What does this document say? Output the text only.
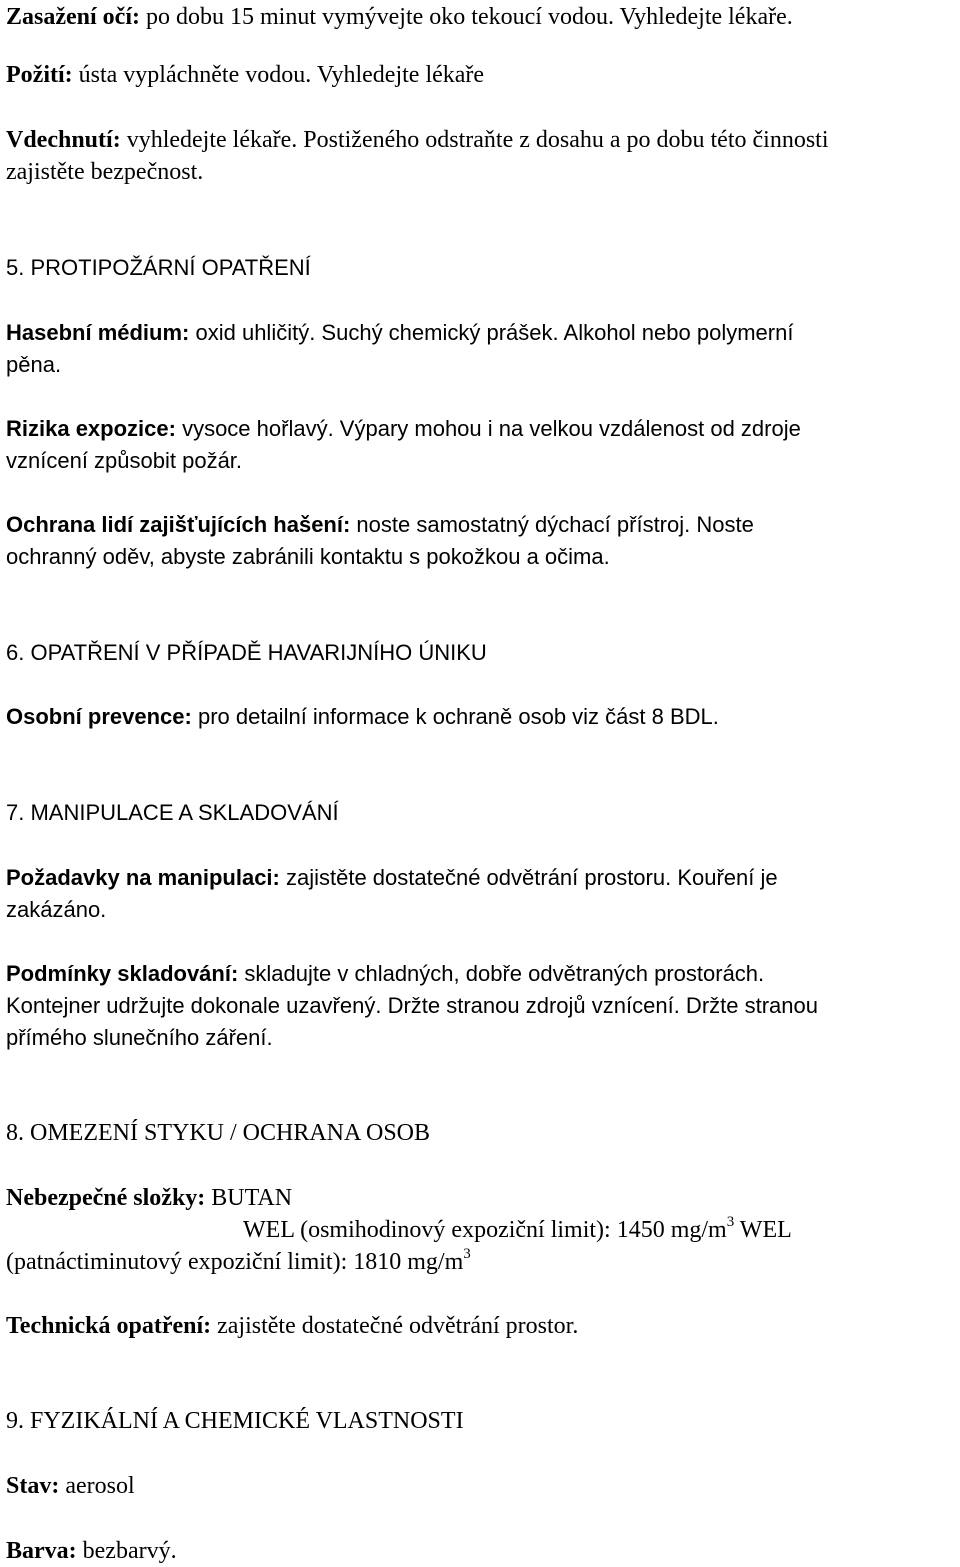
Zasažení očí: po dobu 15 minut vymývejte oko tekoucí vodou. Vyhledejte lékaře.
Požití: ústa vypláchněte vodou. Vyhledejte lékaře
Vdechnutí: vyhledejte lékaře. Postiženého odstraňte z dosahu a po dobu této činnosti
zajistěte bezpečnost.
5. PROTIPOŽÁRNÍ OPATŘENÍ
Hasební médium: oxid uhličitý. Suchý chemický prášek. Alkohol nebo polymerní
pěna.
Rizika expozice: vysoce hořlavý. Výpary mohou i na velkou vzdálenost od zdroje
vznícení způsobit požár.
Ochrana lidí zajišťujících hašení: noste samostatný dýchací přístroj. Noste
ochranný oděv, abyste zabránili kontaktu s pokožkou a očima.
6. OPATŘENÍ V PŘÍPADĚ HAVARIJNÍHO ÚNIKU
Osobní prevence: pro detailní informace k ochraně osob viz část 8 BDL.
7. MANIPULACE A SKLADOVÁNÍ
Požadavky na manipulaci: zajistěte dostatečné odvětrání prostoru. Kouření je
zakázáno.
Podmínky skladování: skladujte v chladných, dobře odvětraných prostorách.
Kontejner udržujte dokonale uzavřený. Držte stranou zdrojů vznícení. Držte stranou
přímého slunečního záření.
8. OMEZENÍ STYKU / OCHRANA OSOB
Nebezpečné složky: BUTAN
WEL (osmihodinový expoziční limit): 1450 $mg/m^3$ WEL
(patnáctiminutový expoziční limit): 1810 $mg/m^3$
Technická opatření: zajistěte dostatečné odvětrání prostor.
9. FYZIKÁLNÍ A CHEMICKÉ VLASTNOSTI
Stav: aerosol
Barva: bezbarvý.
